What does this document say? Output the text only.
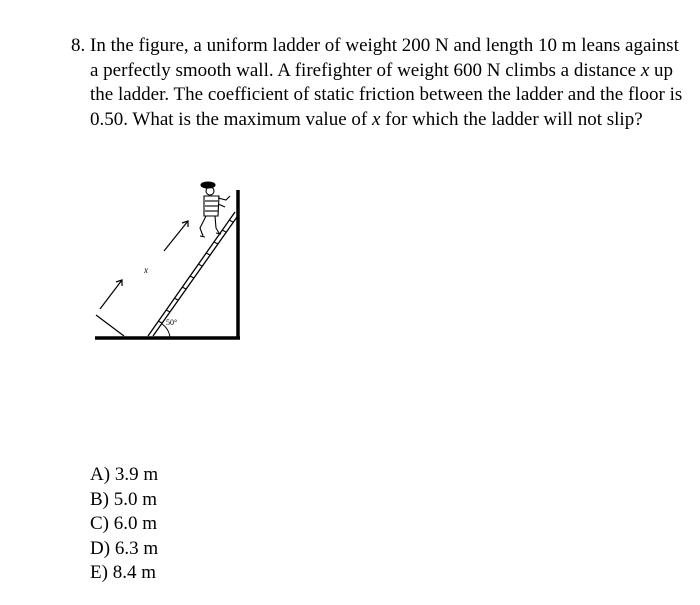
8. In the figure, a uniform ladder of weight 200 N and length 10 m leans against a perfectly smooth wall. A firefighter of weight 600 N climbs a distance x up the ladder. The coefficient of static friction between the ladder and the floor is 0.50. What is the maximum value of x for which the ladder will not slip?
50°
x
A) 3.9 m
B) 5.0 m
C) 6.0 m
D) 6.3 m
E) 8.4 m
